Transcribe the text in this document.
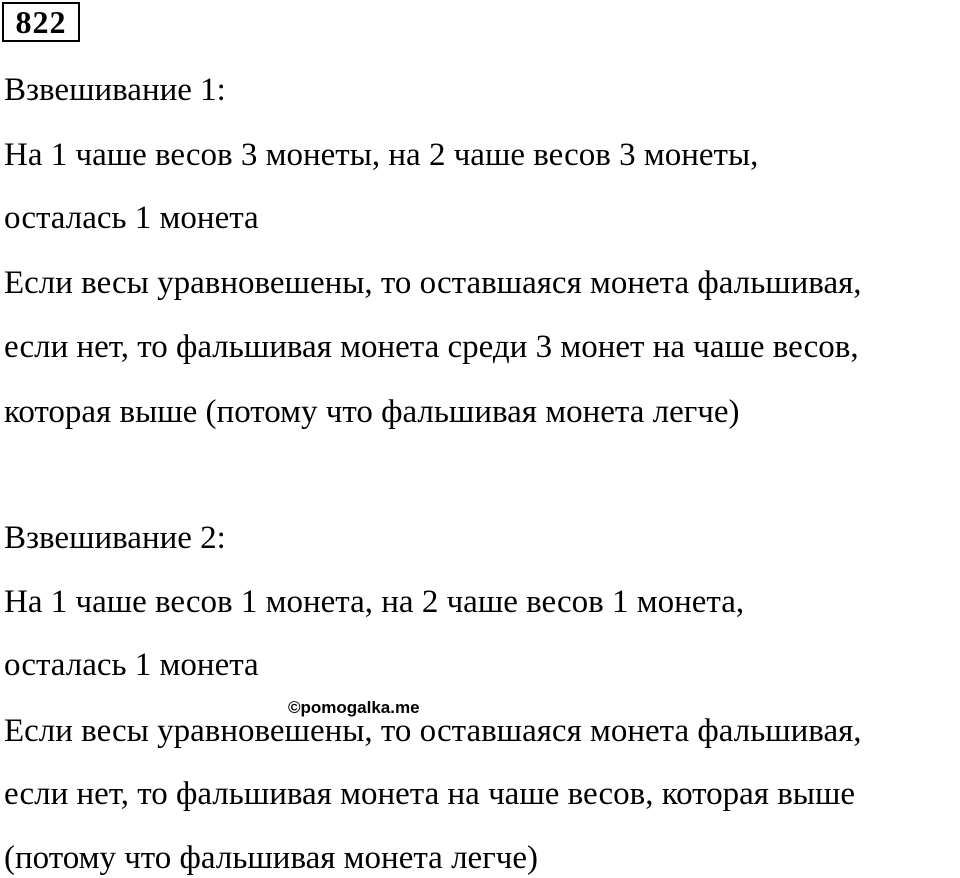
822
Взвешивание 1:
На 1 чаше весов 3 монеты, на 2 чаше весов 3 монеты,
осталась 1 монета
Если весы уравновешены, то оставшаяся монета фальшивая,
если нет, то фальшивая монета среди 3 монет на чаше весов,
которая выше (потому что фальшивая монета легче)
Взвешивание 2:
На 1 чаше весов 1 монета, на 2 чаше весов 1 монета,
осталась 1 монета
Если весы уравновешены, то оставшаяся монета фальшивая,
если нет, то фальшивая монета на чаше весов, которая выше
(потому что фальшивая монета легче)
©pomogalka.me
